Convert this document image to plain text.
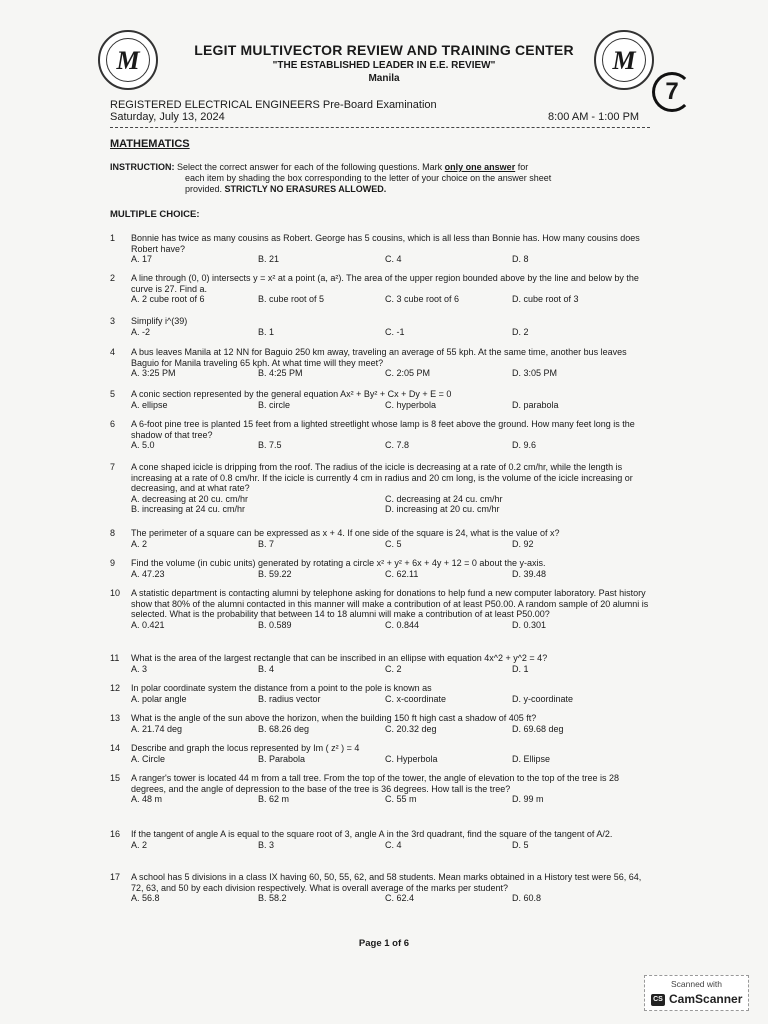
M	M
7
LEGIT MULTIVECTOR REVIEW AND TRAINING CENTER
"THE ESTABLISHED LEADER IN E.E. REVIEW"
Manila
REGISTERED ELECTRICAL ENGINEERS Pre-Board Examination
Saturday, July 13, 2024	8:00 AM - 1:00 PM
MATHEMATICS
INSTRUCTION: Select the correct answer for each of the following questions. Mark only one answer for
each item by shading the box corresponding to the letter of your choice on the answer sheet
provided. STRICTLY NO ERASURES ALLOWED.
MULTIPLE CHOICE:
1	Bonnie has twice as many cousins as Robert. George has 5 cousins, which is all less than Bonnie has. How many cousins does Robert have?
A. 17	B. 21	C. 4	D. 8
2	A line through (0, 0) intersects y = x² at a point (a, a²). The area of the upper region bounded above by the line and below by the curve is 27. Find a.
A. 2 cube root of 6	B. cube root of 5	C. 3 cube root of 6	D. cube root of 3
3	Simplify i^(39)
A. -2	B. 1	C. -1	D. 2
4	A bus leaves Manila at 12 NN for Baguio 250 km away, traveling an average of 55 kph. At the same time, another bus leaves Baguio for Manila traveling 65 kph. At what time will they meet?
A. 3:25 PM	B. 4:25 PM	C. 2:05 PM	D. 3:05 PM
5	A conic section represented by the general equation Ax² + By² + Cx + Dy + E = 0
A. ellipse	B. circle	C. hyperbola	D. parabola
6	A 6-foot pine tree is planted 15 feet from a lighted streetlight whose lamp is 8 feet above the ground. How many feet long is the shadow of that tree?
A. 5.0	B. 7.5	C. 7.8	D. 9.6
7	A cone shaped icicle is dripping from the roof. The radius of the icicle is decreasing at a rate of 0.2 cm/hr, while the length is increasing at a rate of 0.8 cm/hr. If the icicle is currently 4 cm in radius and 20 cm long, is the volume of the icicle increasing or decreasing, and at what rate?
A. decreasing at 20 cu. cm/hr	C. decreasing at 24 cu. cm/hr
B. increasing at 24 cu. cm/hr	D. increasing at 20 cu. cm/hr
8	The perimeter of a square can be expressed as x + 4. If one side of the square is 24, what is the value of x?
A. 2	B. 7	C. 5	D. 92
9	Find the volume (in cubic units) generated by rotating a circle x² + y² + 6x + 4y + 12 = 0 about the y-axis.
A. 47.23	B. 59.22	C. 62.11	D. 39.48
10	A statistic department is contacting alumni by telephone asking for donations to help fund a new computer laboratory. Past history show that 80% of the alumni contacted in this manner will make a contribution of at least P50.00. A random sample of 20 alumni is selected. What is the probability that between 14 to 18 alumni will make a contribution of at least P50.00?
A. 0.421	B. 0.589	C. 0.844	D. 0.301
11	What is the area of the largest rectangle that can be inscribed in an ellipse with equation 4x^2 + y^2 = 4?
A. 3	B. 4	C. 2	D. 1
12	In polar coordinate system the distance from a point to the pole is known as
A. polar angle	B. radius vector	C. x-coordinate	D. y-coordinate
13	What is the angle of the sun above the horizon, when the building 150 ft high cast a shadow of 405 ft?
A. 21.74 deg	B. 68.26 deg	C. 20.32 deg	D. 69.68 deg
14	Describe and graph the locus represented by Im ( z² ) = 4
A. Circle	B. Parabola	C. Hyperbola	D. Ellipse
15	A ranger's tower is located 44 m from a tall tree. From the top of the tower, the angle of elevation to the top of the tree is 28 degrees, and the angle of depression to the base of the tree is 36 degrees. How tall is the tree?
A. 48 m	B. 62 m	C. 55 m	D. 99 m
16	If the tangent of angle A is equal to the square root of 3, angle A in the 3rd quadrant, find the square of the tangent of A/2.
A. 2	B. 3	C. 4	D. 5
17	A school has 5 divisions in a class IX having 60, 50, 55, 62, and 58 students. Mean marks obtained in a History test were 56, 64, 72, 63, and 50 by each division respectively. What is overall average of the marks per student?
A. 56.8	B. 58.2	C. 62.4	D. 60.8
Page 1 of 6
Scanned with
CS CamScanner
